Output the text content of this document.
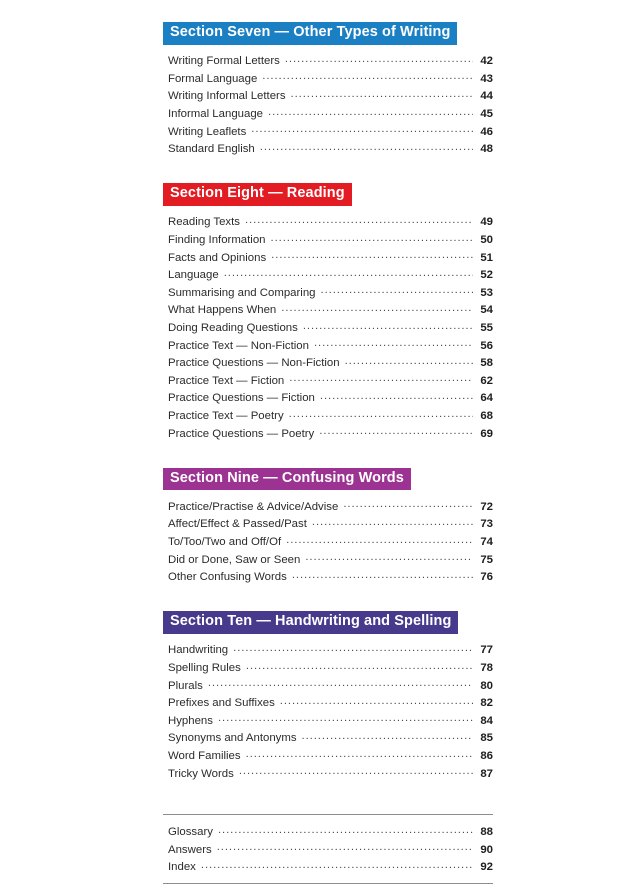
Section Seven — Other Types of Writing
Writing Formal Letters .....	42
Formal Language .....	43
Writing Informal Letters .....	44
Informal Language .....	45
Writing Leaflets .....	46
Standard English .....	48
Section Eight — Reading
Reading Texts .....	49
Finding Information .....	50
Facts and Opinions .....	51
Language .....	52
Summarising and Comparing .....	53
What Happens When .....	54
Doing Reading Questions .....	55
Practice Text — Non-Fiction .....	56
Practice Questions — Non-Fiction .....	58
Practice Text — Fiction .....	62
Practice Questions — Fiction .....	64
Practice Text — Poetry .....	68
Practice Questions — Poetry .....	69
Section Nine — Confusing Words
Practice/Practise & Advice/Advise .....	72
Affect/Effect & Passed/Past .....	73
To/Too/Two and Off/Of .....	74
Did or Done, Saw or Seen .....	75
Other Confusing Words .....	76
Section Ten — Handwriting and Spelling
Handwriting .....	77
Spelling Rules .....	78
Plurals .....	80
Prefixes and Suffixes .....	82
Hyphens .....	84
Synonyms and Antonyms .....	85
Word Families .....	86
Tricky Words .....	87
Glossary .....	88
Answers .....	90
Index .....	92
